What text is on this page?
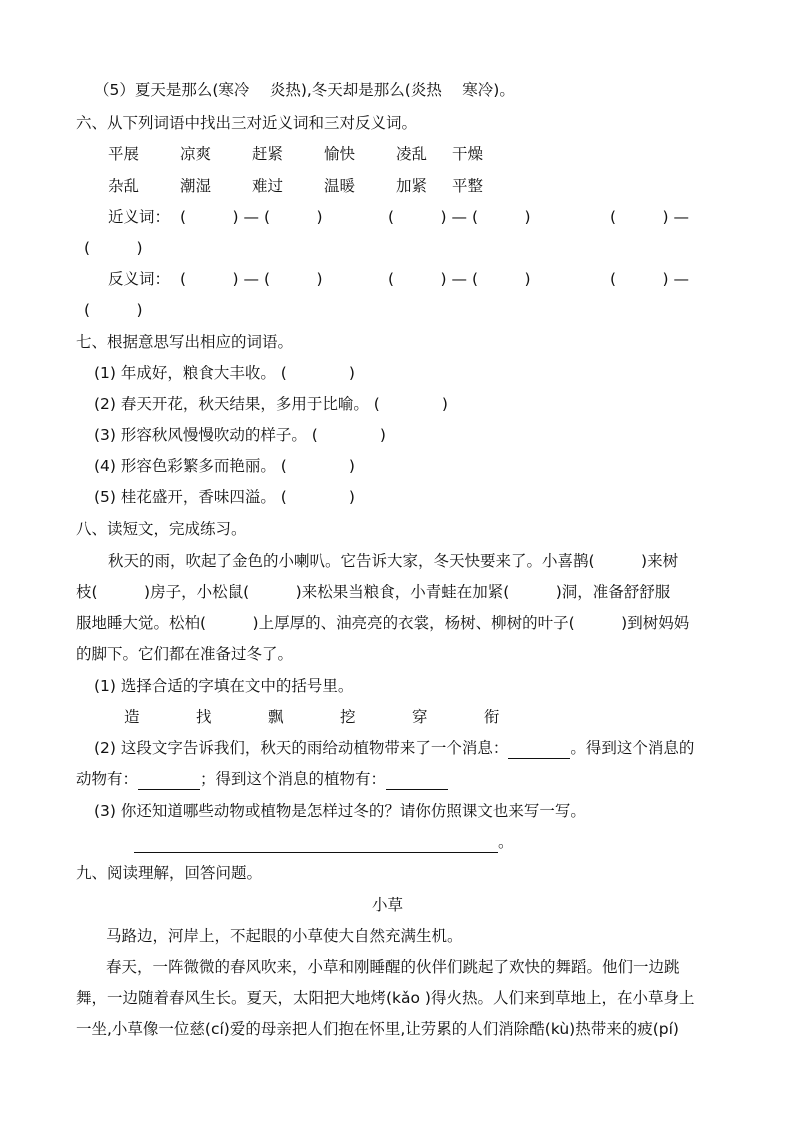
（5）夏天是那么(寒冷　 炎热),冬天却是那么(炎热　 寒冷)。
六、从下列词语中找出三对近义词和三对反义词。
平展	凉爽	赶紧	愉快	凌乱 干燥
杂乱	潮湿	难过	温暖	加紧 平整
近义词： (　　　) — (　　　)	(　　　) — (　　　)	(　　　) —
(　　　)
反义词： (　　　) — (　　　)	(　　　) — (　　　)	(　　　) —
(　　　)
七、根据意思写出相应的词语。
(1) 年成好，粮食大丰收。 (　　　　)
(2) 春天开花，秋天结果，多用于比喻。 (　　　　)
(3) 形容秋风慢慢吹动的样子。 (　　　　)
(4) 形容色彩繁多而艳丽。 (　　　　)
(5) 桂花盛开，香味四溢。 (　　　　)
八、读短文，完成练习。
秋天的雨，吹起了金色的小喇叭。它告诉大家，冬天快要来了。小喜鹊(　　　)来树
枝(　　　)房子，小松鼠(　　　)来松果当粮食，小青蛙在加紧(　　　)洞，准备舒舒服
服地睡大觉。松柏(　　　)上厚厚的、油亮亮的衣裳，杨树、柳树的叶子(　　　)到树妈妈
的脚下。它们都在准备过冬了。
(1) 选择合适的字填在文中的括号里。
造	找	飘	挖	穿	衔
(2) 这段文字告诉我们，秋天的雨给动植物带来了一个消息：	。得到这个消息的
动物有：	；得到这个消息的植物有：
(3) 你还知道哪些动物或植物是怎样过冬的？请你仿照课文也来写一写。
。
九、阅读理解，回答问题。
小草
马路边，河岸上，不起眼的小草使大自然充满生机。
春天，一阵微微的春风吹来，小草和刚睡醒的伙伴们跳起了欢快的舞蹈。他们一边跳
舞，一边随着春风生长。夏天，太阳把大地烤(kǎo )得火热。人们来到草地上，在小草身上
一坐,小草像一位慈(cí)爱的母亲把人们抱在怀里,让劳累的人们消除酷(kù)热带来的疲(pí)
